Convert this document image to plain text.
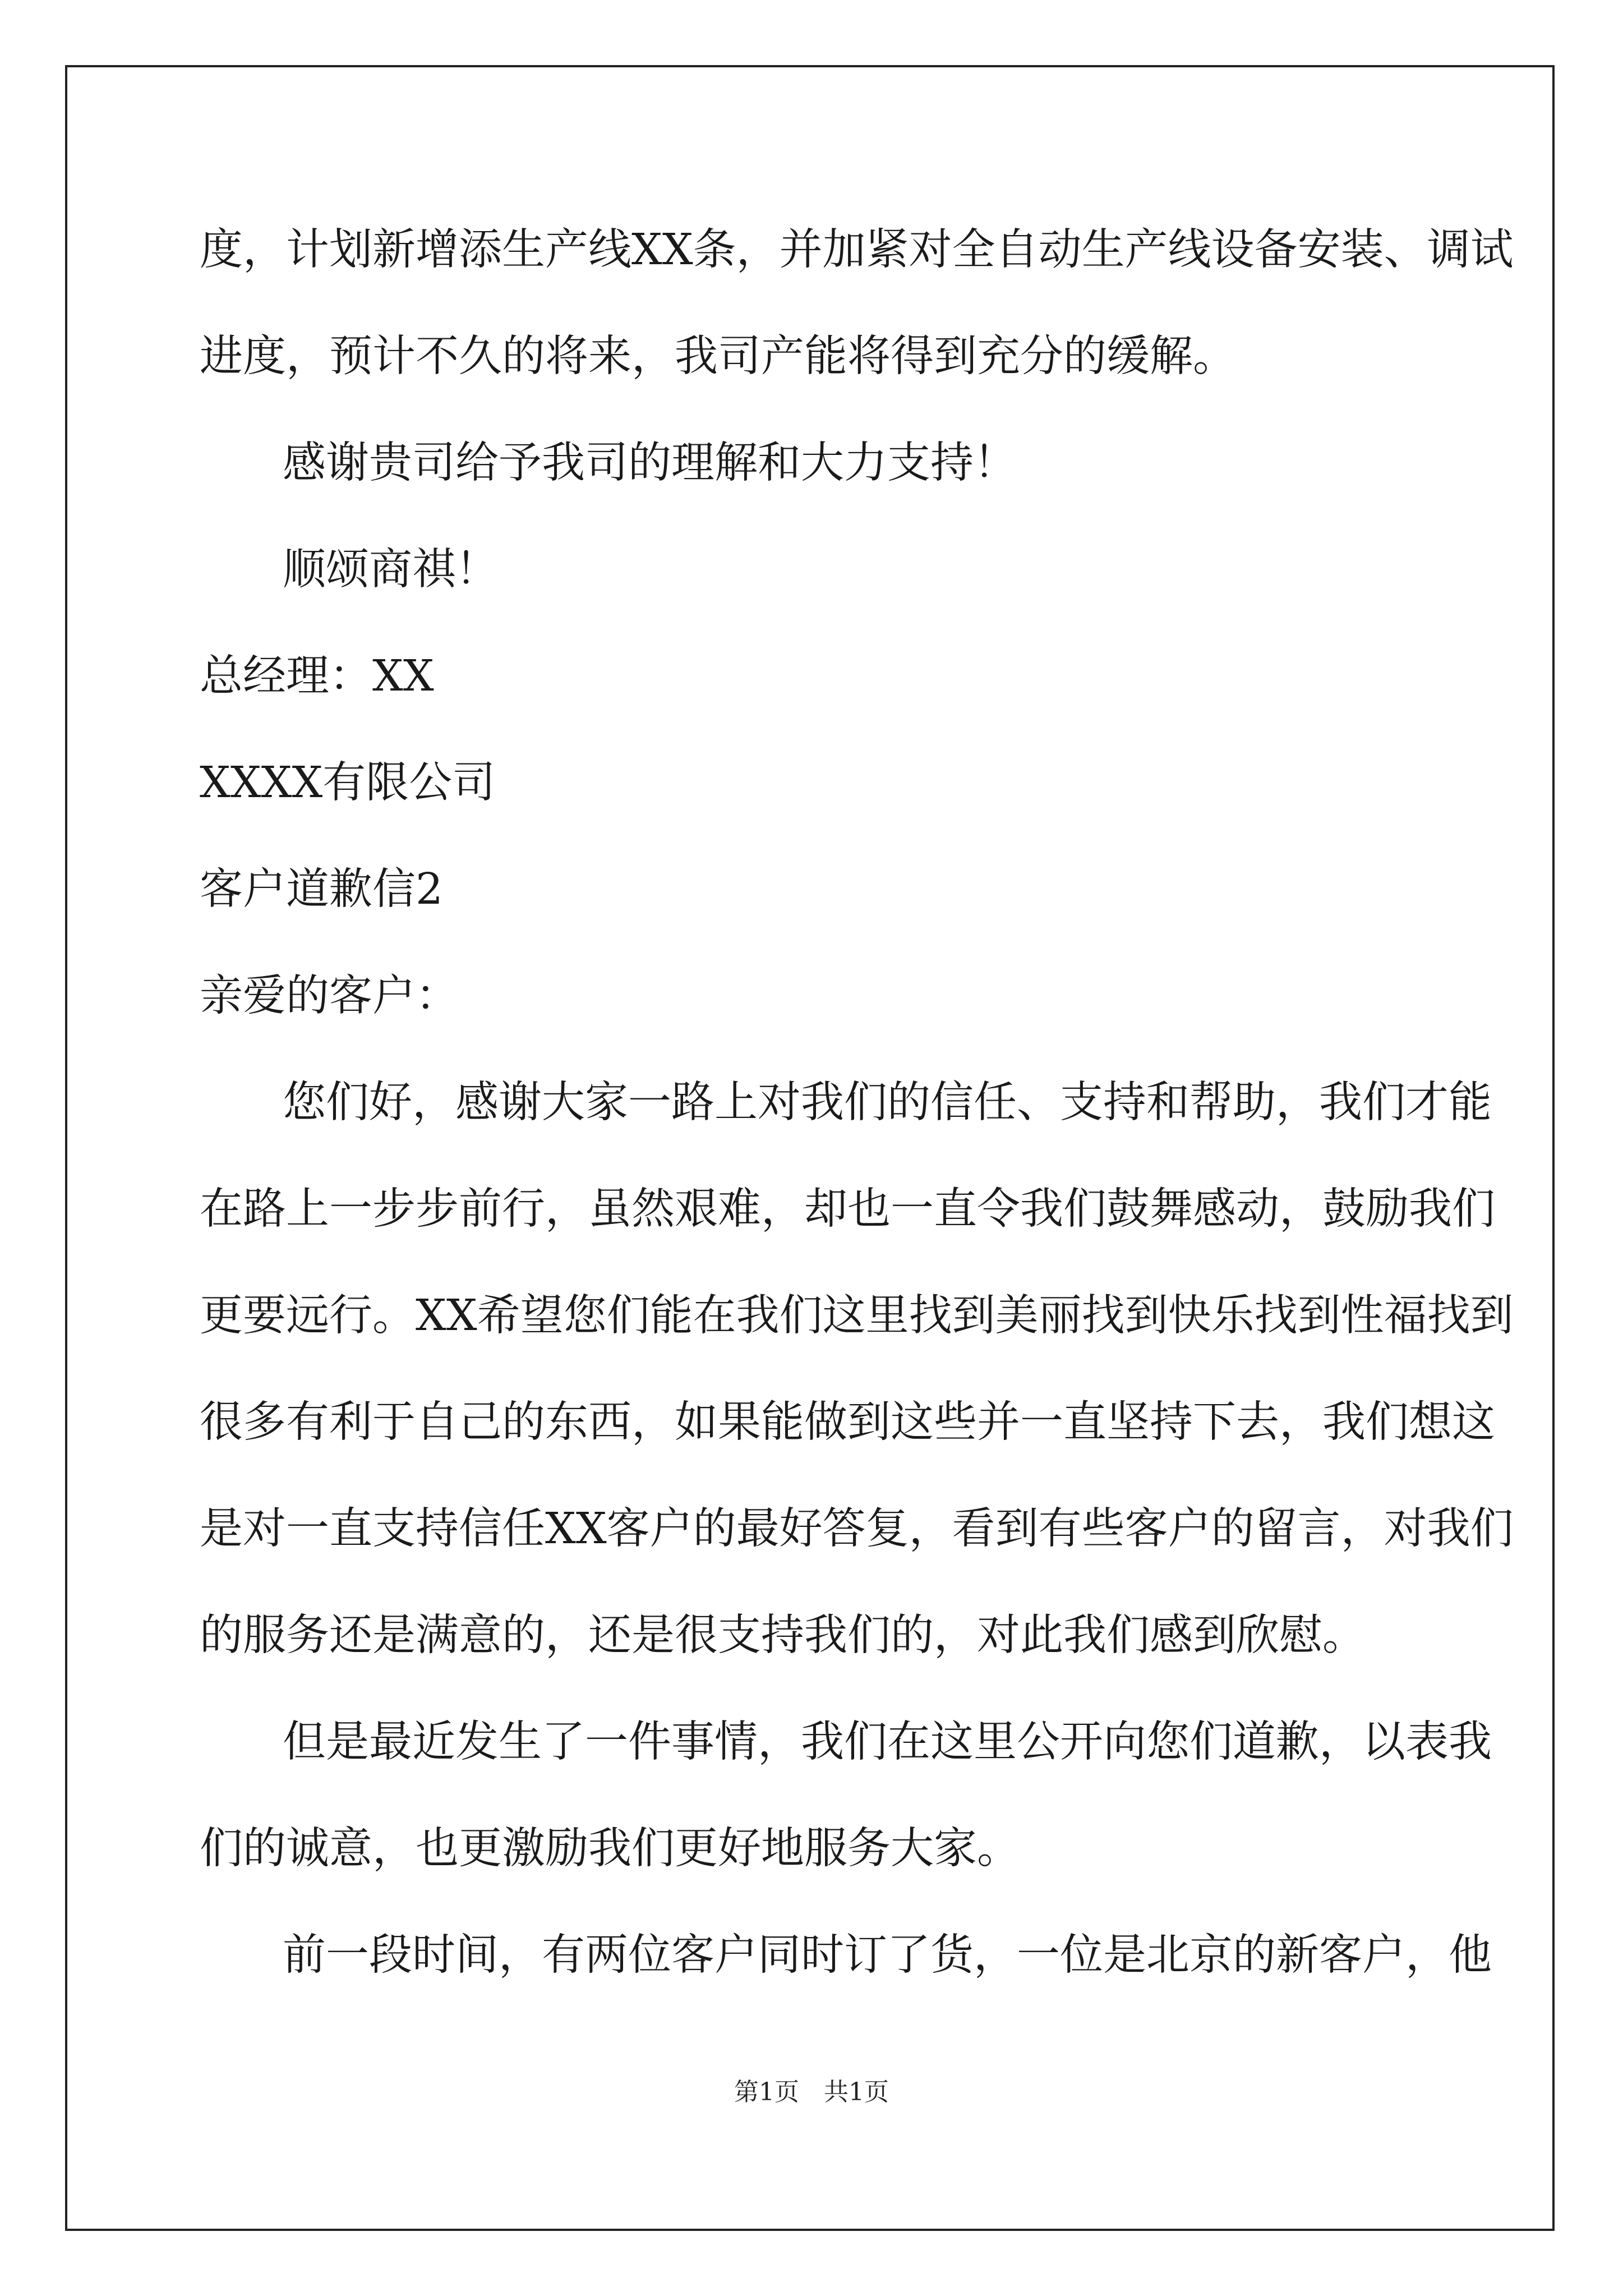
度，计划新增添生产线XX条，并加紧对全自动生产线设备安装、调试
进度，预计不久的将来，我司产能将得到充分的缓解。
感谢贵司给予我司的理解和大力支持！
顺颂商祺！
总经理：XX
XXXX有限公司
客户道歉信2
亲爱的客户：
您们好，感谢大家一路上对我们的信任、支持和帮助，我们才能
在路上一步步前行，虽然艰难，却也一直令我们鼓舞感动，鼓励我们
更要远行。XX希望您们能在我们这里找到美丽找到快乐找到性福找到
很多有利于自己的东西，如果能做到这些并一直坚持下去，我们想这
是对一直支持信任XX客户的最好答复，看到有些客户的留言，对我们
的服务还是满意的，还是很支持我们的，对此我们感到欣慰。
但是最近发生了一件事情，我们在这里公开向您们道歉，以表我
们的诚意，也更激励我们更好地服务大家。
前一段时间，有两位客户同时订了货，一位是北京的新客户，他
第1页　共1页
